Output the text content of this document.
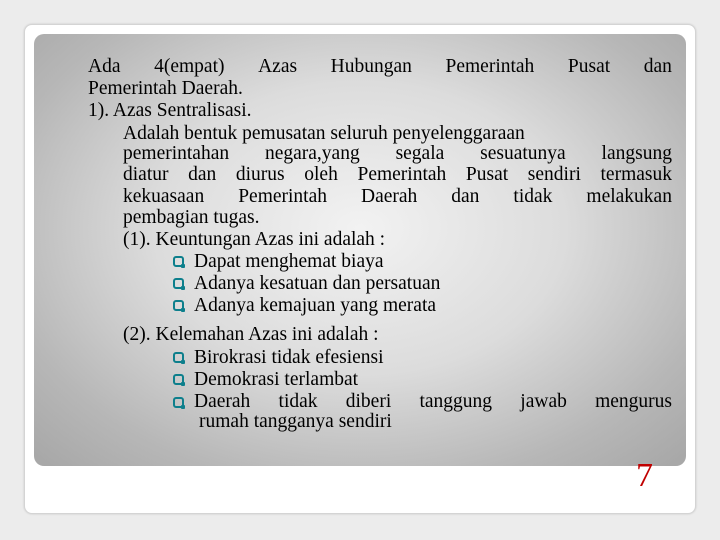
Ada 4(empat) Azas Hubungan Pemerintah Pusat dan
Pemerintah Daerah.
1). Azas Sentralisasi.
Adalah bentuk pemusatan seluruh penyelenggaraan
pemerintahan negara,yang segala sesuatunya langsung
diatur dan diurus oleh Pemerintah Pusat sendiri termasuk
kekuasaan Pemerintah Daerah dan tidak melakukan
pembagian tugas.
(1). Keuntungan Azas ini adalah :
Dapat menghemat biaya
Adanya kesatuan dan persatuan
Adanya kemajuan yang merata
(2). Kelemahan Azas ini adalah :
Birokrasi tidak efesiensi
Demokrasi terlambat
Daerah tidak diberi tanggung jawab mengurus
rumah tangganya sendiri
7
